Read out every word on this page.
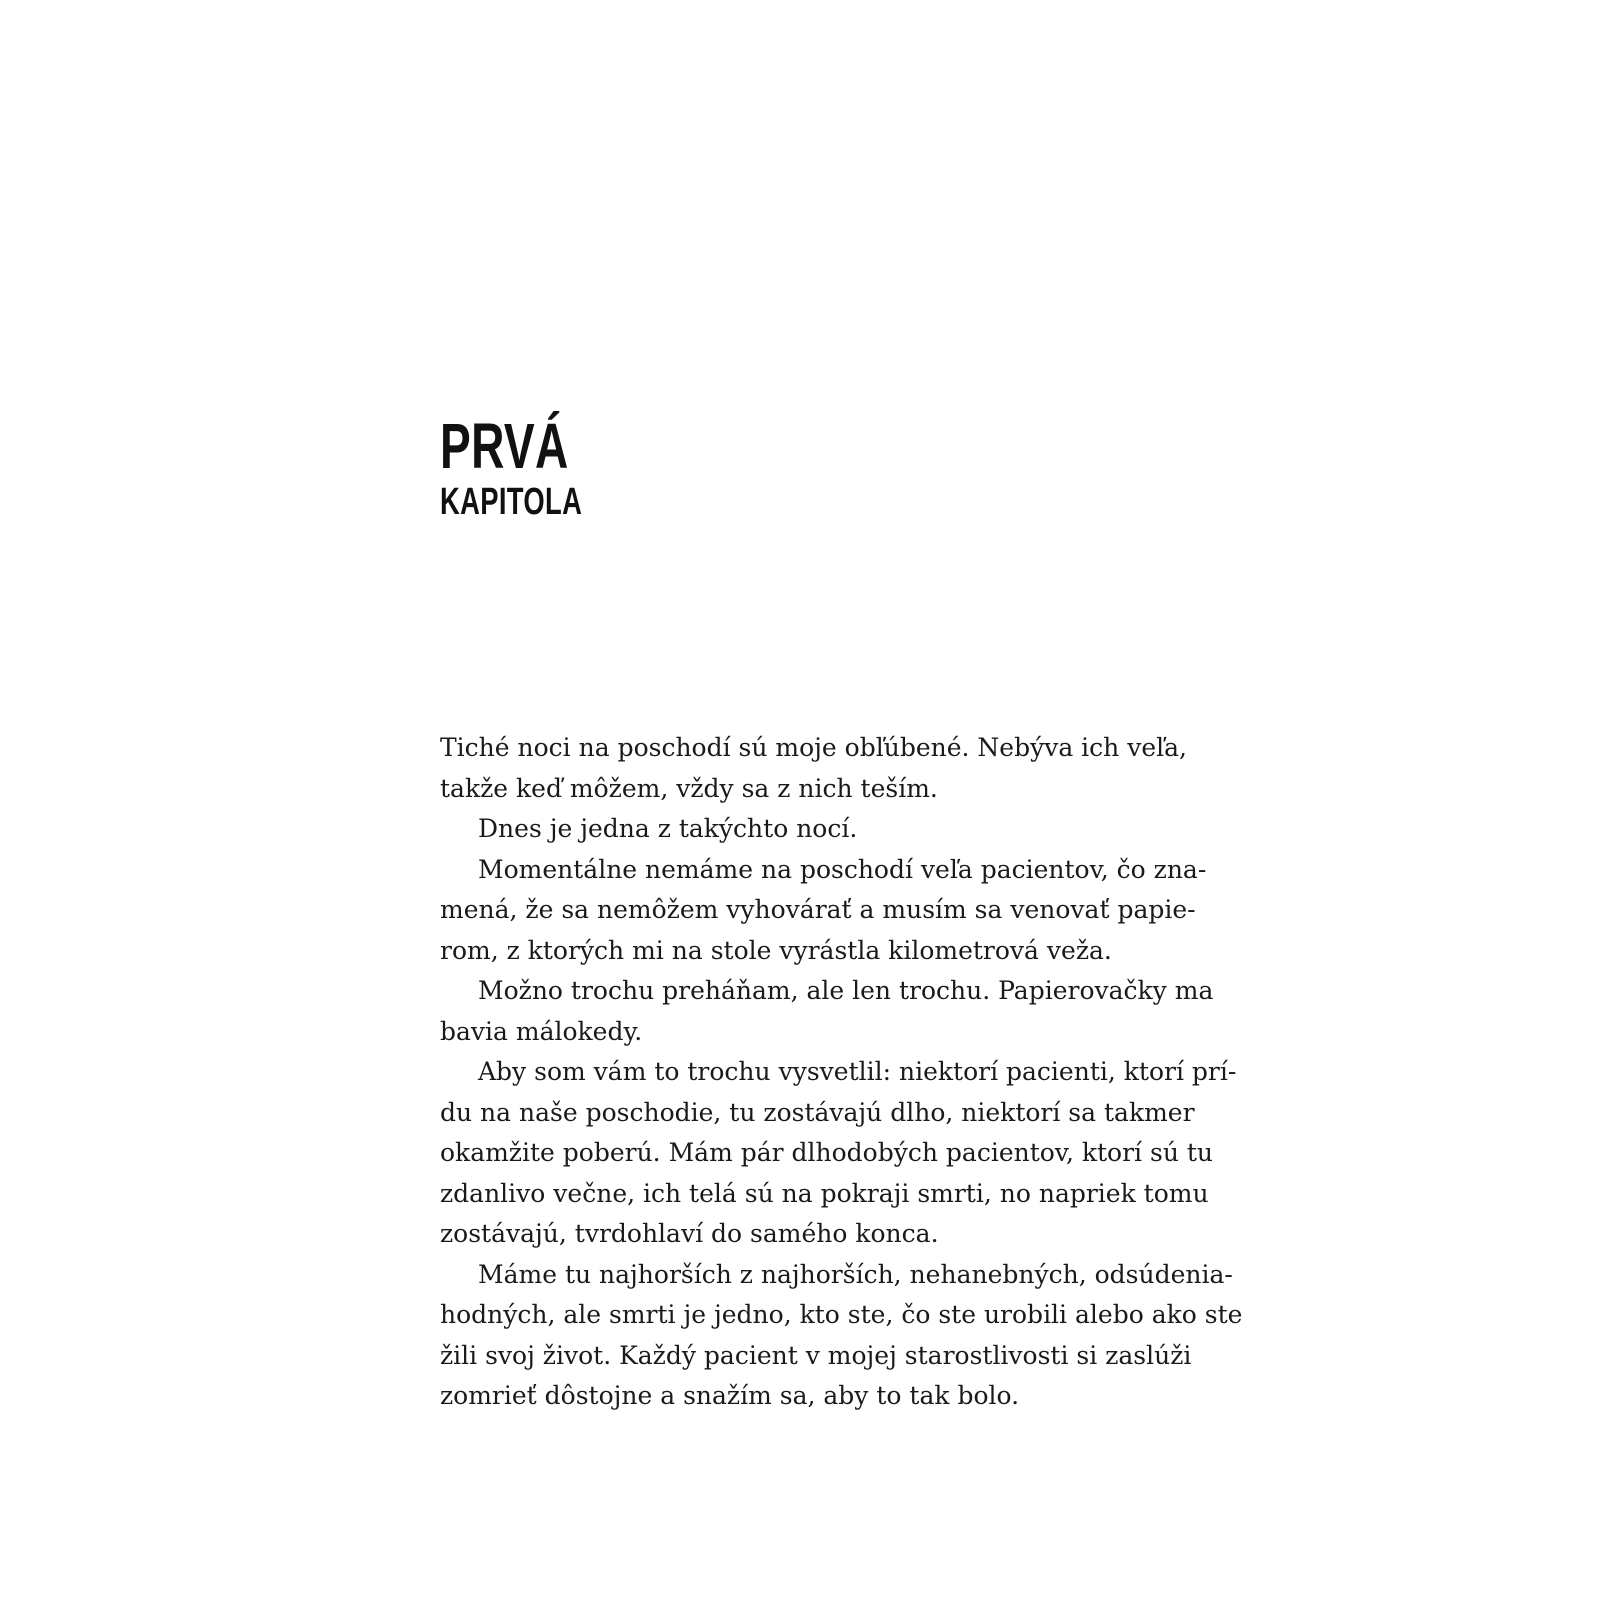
PRVÁ
KAPITOLA
Tiché noci na poschodí sú moje obľúbené. Nebýva ich veľa,
takže keď môžem, vždy sa z nich teším.
Dnes je jedna z takýchto nocí.
Momentálne nemáme na poschodí veľa pacientov, čo zna-
mená, že sa nemôžem vyhovárať a musím sa venovať papie-
rom, z ktorých mi na stole vyrástla kilometrová veža.
Možno trochu preháňam, ale len trochu. Papierovačky ma
bavia málokedy.
Aby som vám to trochu vysvetlil: niektorí pacienti, ktorí prí-
du na naše poschodie, tu zostávajú dlho, niektorí sa takmer
okamžite poberú. Mám pár dlhodobých pacientov, ktorí sú tu
zdanlivo večne, ich telá sú na pokraji smrti, no napriek tomu
zostávajú, tvrdohlaví do samého konca.
Máme tu najhorších z najhorších, nehanebných, odsúdenia-
hodných, ale smrti je jedno, kto ste, čo ste urobili alebo ako ste
žili svoj život. Každý pacient v mojej starostlivosti si zaslúži
zomrieť dôstojne a snažím sa, aby to tak bolo.
